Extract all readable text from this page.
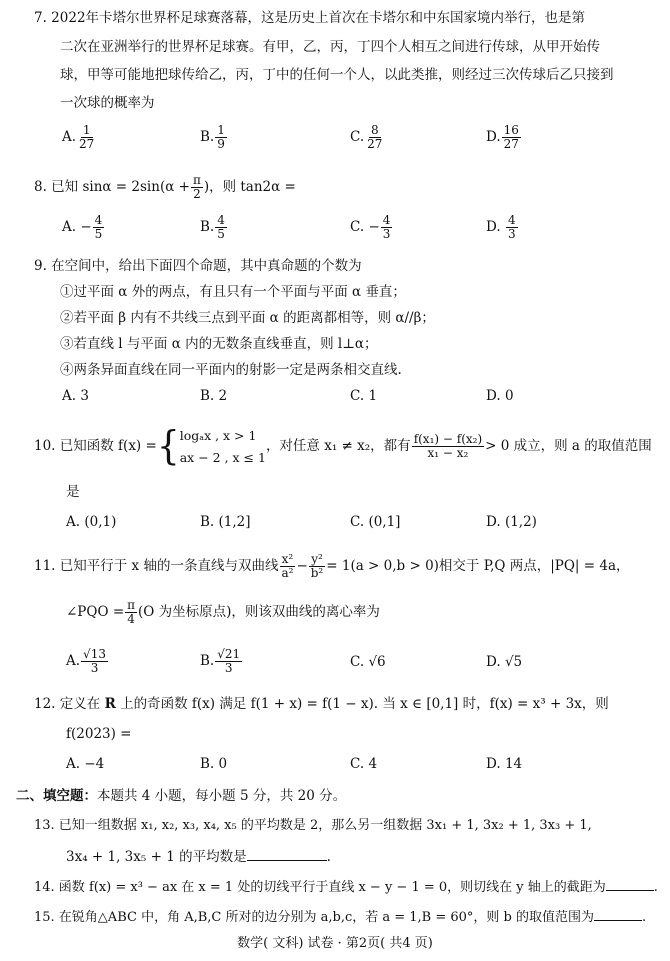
7. 2022年卡塔尔世界杯足球赛落幕，这是历史上首次在卡塔尔和中东国家境内举行，也是第
二次在亚洲举行的世界杯足球赛。有甲，乙，丙，丁四个人相互之间进行传球，从甲开始传
球，甲等可能地把球传给乙，丙，丁中的任何一个人，以此类推，则经过三次传球后乙只接到
一次球的概率为
A. $\frac{1}{27}$	B. $\frac{1}{9}$	C. $\frac{8}{27}$	D. $\frac{16}{27}$
8. 已知 $\sin\alpha = 2\sin(\alpha + \frac{\pi}{2}$ )，则 tan2α =
A. − $\frac{4}{5}$	B. $\frac{4}{5}$	C. − $\frac{4}{3}$	D. $\frac{4}{3}$
9. 在空间中，给出下面四个命题，其中真命题的个数为
①过平面 α 外的两点，有且只有一个平面与平面 α 垂直；
②若平面 β 内有不共线三点到平面 α 的距离都相等，则 α//β；
③若直线 l 与平面 α 内的无数条直线垂直，则 l⊥α；
④两条异面直线在同一平面内的射影一定是两条相交直线.
A. 3	B. 2	C. 1	D. 0
10. 已知函数 f(x) ={ logₐx , x > 1
ax − 2 , x ≤ 1
，对任意 x₁ ≠ x₂，都有 $\frac{\text{f(x₁) − f(x₂)}}{\text{x₁ − x₂}} > 0$ 成立，则 a 的取值范围
是
A. (0,1)	B. (1,2]	C. (0,1]	D. (1,2)
11. 已知平行于 x 轴的一条直线与双曲线 $\frac{\text{x²}}{\text{a²}} - \frac{\text{y²}}{\text{b²}} = 1(a > 0,b > 0)$相交于 P,Q 两点，|PQ| = 4a，
∠PQO = $\frac{\pi}{4} (O$ 为坐标原点)，则该双曲线的离心率为
A. $\frac{√13}{3}$	B. $\frac{√21}{3}$	C. √6	D. √5
12. 定义在 R 上的奇函数 f(x) 满足 f(1 + x) = f(1 − x). 当 x ∈ [0,1] 时，f(x) = x³ + 3x，则
f(2023) =
A. −4	B. 0	C. 4	D. 14
二、填空题：本题共 4 小题，每小题 5 分，共 20 分。
13. 已知一组数据 x₁, x₂, x₃, x₄, x₅ 的平均数是 2，那么另一组数据 3x₁ + 1, 3x₂ + 1, 3x₃ + 1,
3x₄ + 1, 3x₅ + 1 的平均数是	.
14. 函数 f(x) = x³ − ax 在 x = 1 处的切线平行于直线 x − y − 1 = 0，则切线在 y 轴上的截距为	.
15. 在锐角△ABC 中，角 A,B,C 所对的边分别为 a,b,c，若 a = 1,B = 60°，则 b 的取值范围为	.
数学( 文科) 试卷 · 第2页( 共4 页)
